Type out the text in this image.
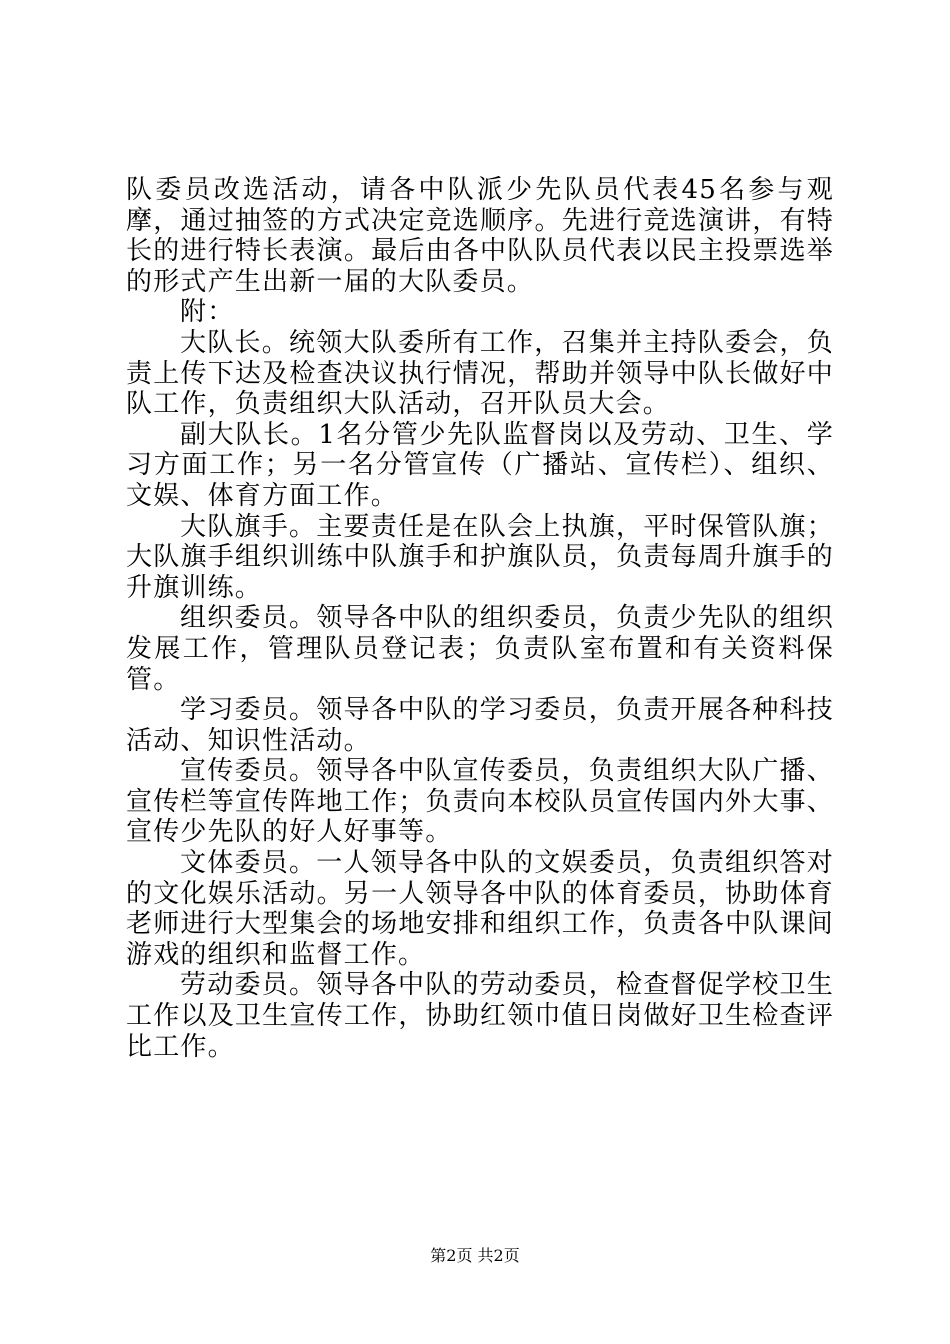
队委员改选活动，请各中队派少先队员代表45名参与观摩，通过抽签的方式决定竞选顺序。先进行竞选演讲，有特长的进行特长表演。最后由各中队队员代表以民主投票选举的形式产生出新一届的大队委员。

附：

大队长。统领大队委所有工作，召集并主持队委会，负责上传下达及检查决议执行情况，帮助并领导中队长做好中队工作，负责组织大队活动，召开队员大会。

副大队长。1名分管少先队监督岗以及劳动、卫生、学习方面工作；另一名分管宣传（广播站、宣传栏）、组织、文娱、体育方面工作。

大队旗手。主要责任是在队会上执旗，平时保管队旗；大队旗手组织训练中队旗手和护旗队员，负责每周升旗手的升旗训练。

组织委员。领导各中队的组织委员，负责少先队的组织发展工作，管理队员登记表；负责队室布置和有关资料保管。

学习委员。领导各中队的学习委员，负责开展各种科技活动、知识性活动。

宣传委员。领导各中队宣传委员，负责组织大队广播、宣传栏等宣传阵地工作；负责向本校队员宣传国内外大事、宣传少先队的好人好事等。

文体委员。一人领导各中队的文娱委员，负责组织答对的文化娱乐活动。另一人领导各中队的体育委员，协助体育老师进行大型集会的场地安排和组织工作，负责各中队课间游戏的组织和监督工作。

劳动委员。领导各中队的劳动委员，检查督促学校卫生工作以及卫生宣传工作，协助红领巾值日岗做好卫生检查评比工作。

第2页 共2页
